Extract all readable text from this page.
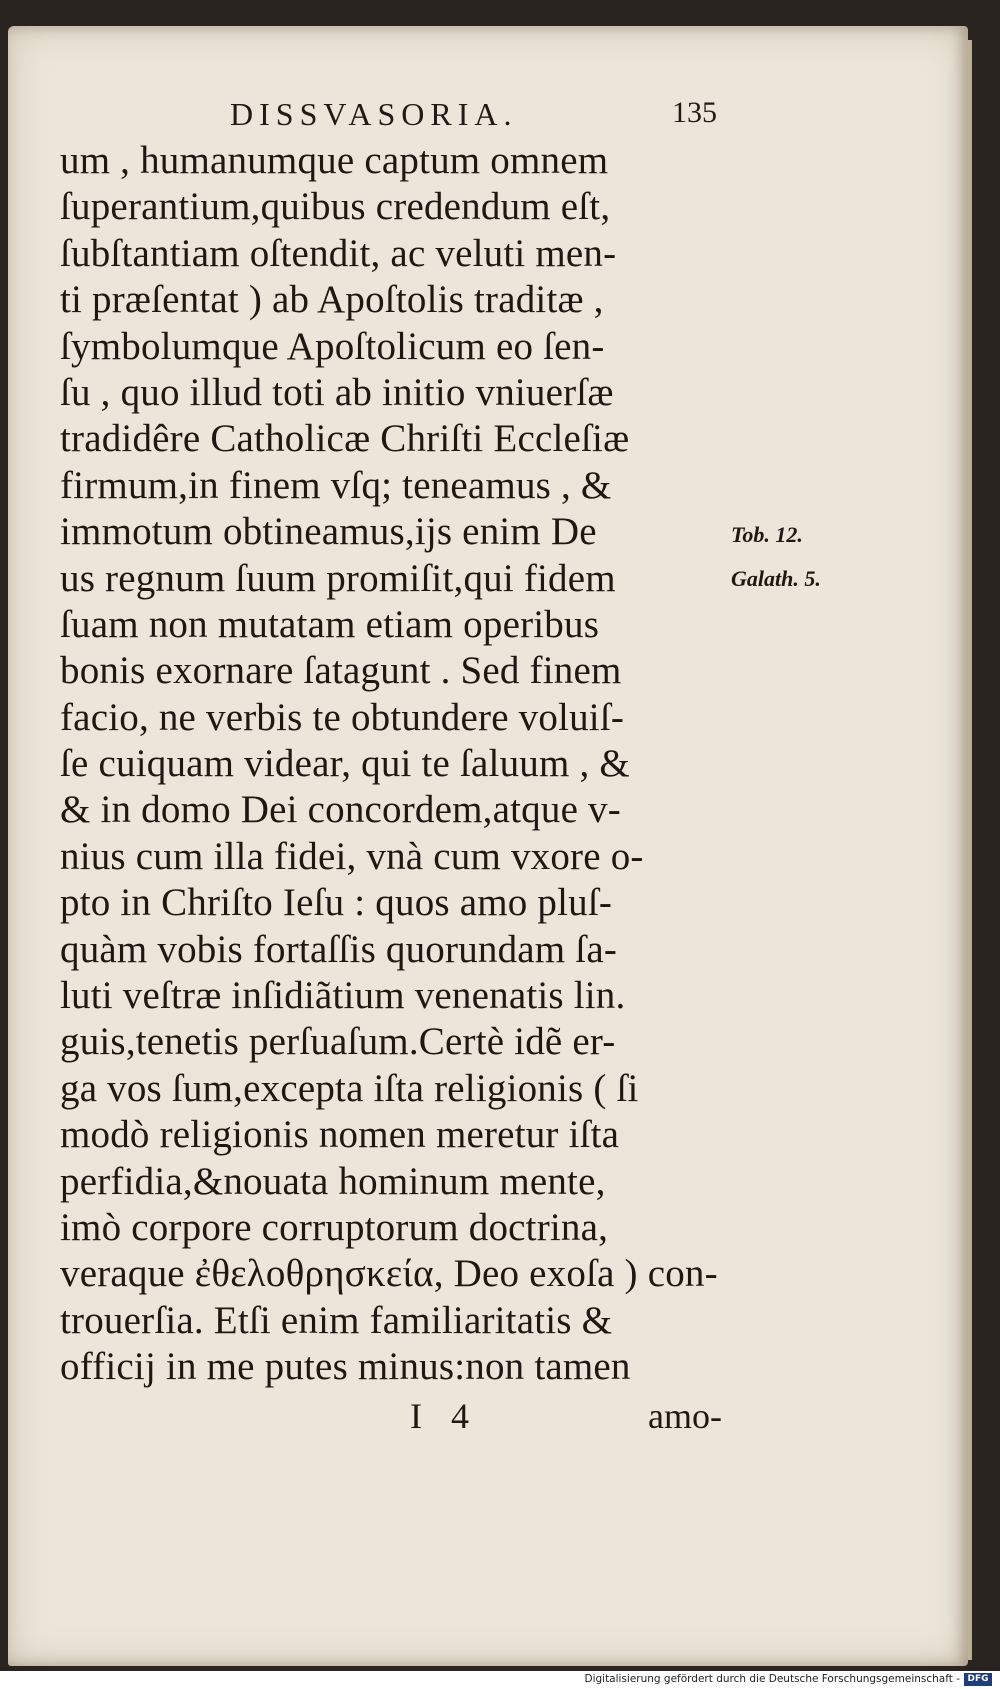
DISSVASORIA.	135
um , humanumque captum omnem
ſuperantium,quibus credendum eſt,
ſubſtantiam oſtendit, ac veluti men-
ti præſentat ) ab Apoſtolis traditæ ,
ſymbolumque Apoſtolicum eo ſen-
ſu , quo illud toti ab initio vniuerſæ
tradidêre Catholicæ Chriſti Eccleſiæ
firmum,in finem vſq; teneamus , &
immotum obtineamus,ijs enim De
us regnum ſuum promiſit,qui fidem
ſuam non mutatam etiam operibus
bonis exornare ſatagunt . Sed finem
facio, ne verbis te obtundere voluiſ-
ſe cuiquam videar, qui te ſaluum , &
& in domo Dei concordem,atque v-
nius cum illa fidei, vnà cum vxore o-
pto in Chriſto Ieſu : quos amo pluſ-
quàm vobis fortaſſis quorundam ſa-
luti veſtræ inſidiãtium venenatis lin.
guis,tenetis perſuaſum.Certè idẽ er-
ga vos ſum,excepta iſta religionis ( ſi
modò religionis nomen meretur iſta
perfidia,&nouata hominum mente,
imò corpore corruptorum doctrina,
veraque ἐθελοθρησκεία, Deo exoſa ) con-
trouerſia. Etſi enim familiaritatis &
officij in me putes minus:non tamen
Tob. 12.
Galath. 5.
I 4	amo-
Digitalisierung gefördert durch die Deutsche Forschungsgemeinschaft - DFG
